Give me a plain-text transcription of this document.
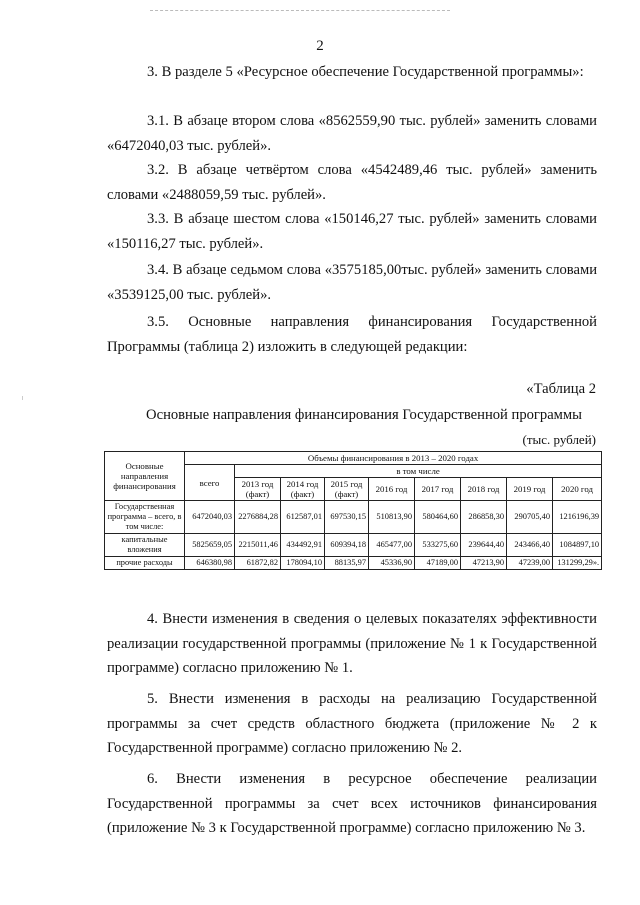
2

3. В разделе 5 «Ресурсное обеспечение Государственной программы»:

3.1. В абзаце втором слова «8562559,90 тыс. рублей» заменить словами «6472040,03 тыс. рублей».

3.2. В абзаце четвёртом слова «4542489,46 тыс. рублей» заменить словами «2488059,59 тыс. рублей».

3.3. В абзаце шестом слова «150146,27 тыс. рублей» заменить словами «150116,27 тыс. рублей».

3.4. В абзаце седьмом слова «3575185,00тыс. рублей» заменить словами «3539125,00 тыс. рублей».

3.5. Основные направления финансирования Государственной Программы (таблица 2) изложить в следующей редакции:

«Таблица 2
Основные направления финансирования Государственной программы
(тыс. рублей)
Основные направления финансирования	Объемы финансирования в 2013 – 2020 годах								
	всего	в том числе							
		2013 год (факт)	2014 год (факт)	2015 год (факт)	2016 год	2017 год	2018 год	2019 год	2020 год
Государственная программа – всего, в том числе:	6472040,03	2276884,28	612587,01	697530,15	510813,90	580464,60	286858,30	290705,40	1216196,39
капитальные вложения	5825659,05	2215011,46	434492,91	609394,18	465477,00	533275,60	239644,40	243466,40	1084897,10
прочие расходы	646380,98	61872,82	178094,10	88135,97	45336,90	47189,00	47213,90	47239,00	131299,29».

4. Внести изменения в сведения о целевых показателях эффективности реализации государственной программы (приложение № 1 к Государственной программе) согласно приложению № 1.

5. Внести изменения в расходы на реализацию Государственной программы за счет средств областного бюджета (приложение № 2 к Государственной программе) согласно приложению № 2.

6. Внести изменения в ресурсное обеспечение реализации Государственной программы за счет всех источников финансирования (приложение № 3 к Государственной программе) согласно приложению № 3.
